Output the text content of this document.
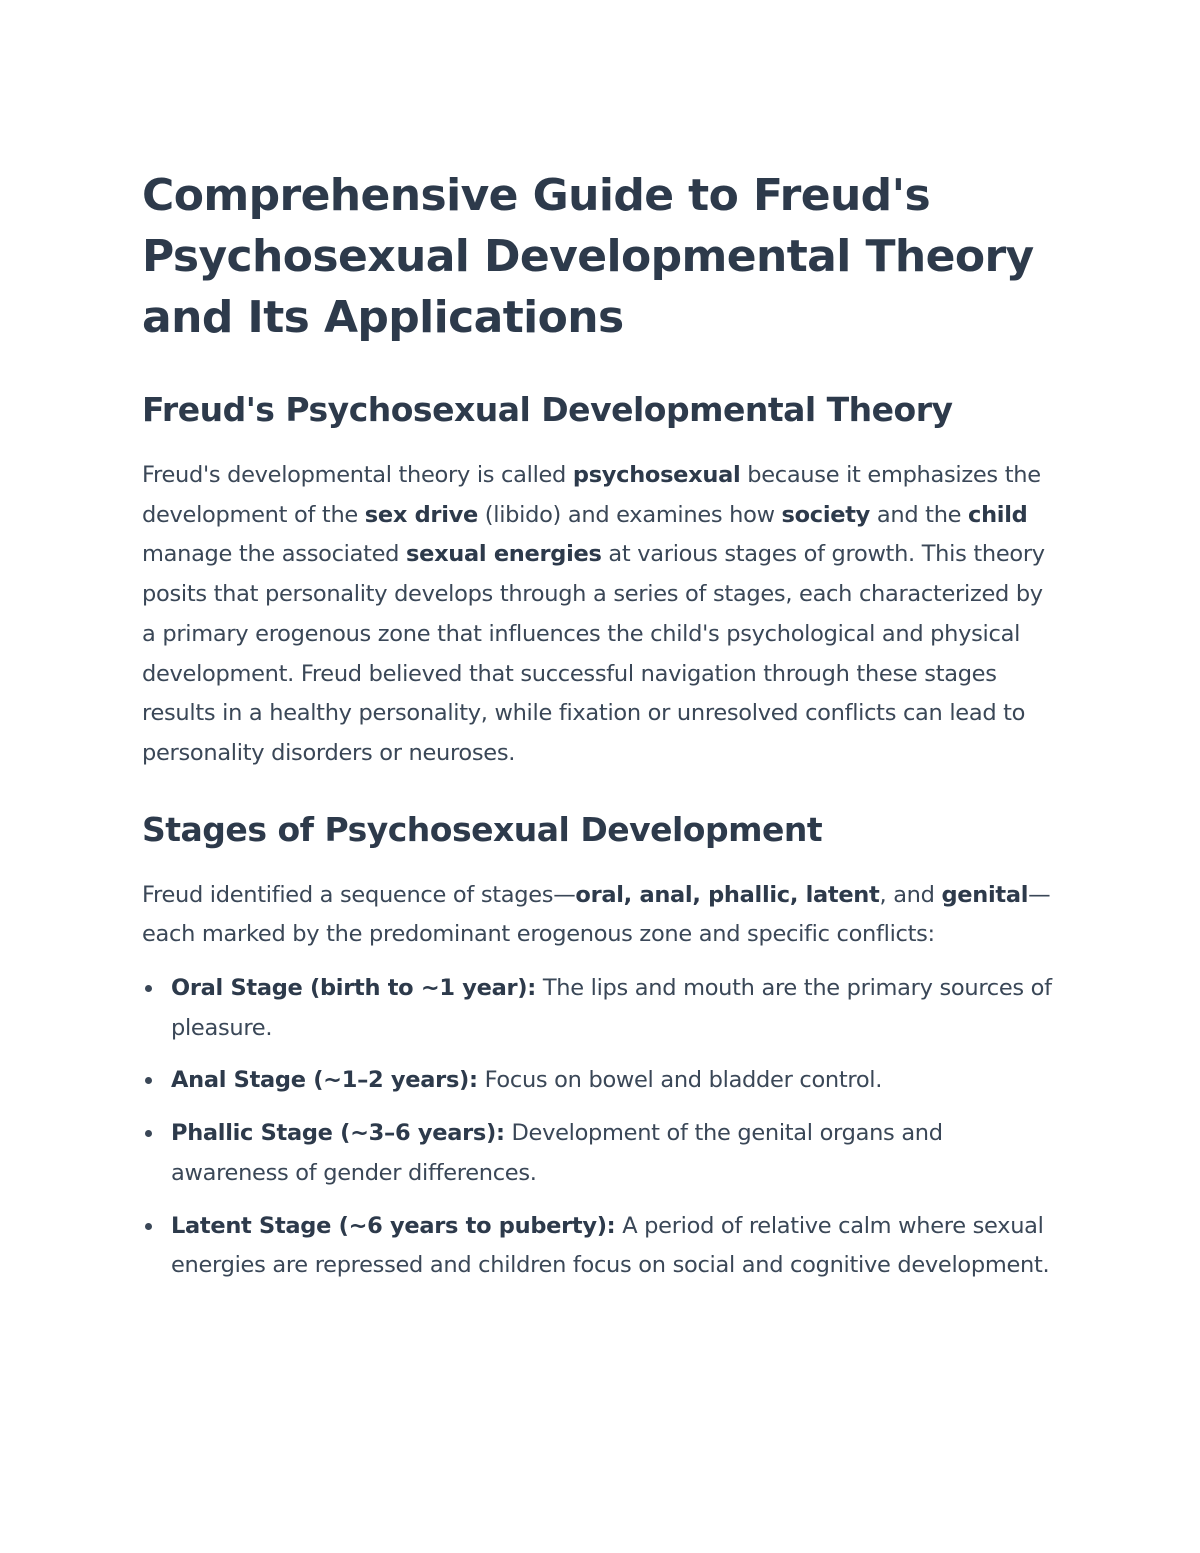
Comprehensive Guide to Freud's Psychosexual Developmental Theory and Its Applications
Freud's Psychosexual Developmental Theory

Freud's developmental theory is called psychosexual because it emphasizes the development of the sex drive (libido) and examines how society and the child manage the associated sexual energies at various stages of growth. This theory posits that personality develops through a series of stages, each characterized by a primary erogenous zone that influences the child's psychological and physical development. Freud believed that successful navigation through these stages results in a healthy personality, while fixation or unresolved conflicts can lead to personality disorders or neuroses.

Stages of Psychosexual Development

Freud identified a sequence of stages—oral, anal, phallic, latent, and genital—each marked by the predominant erogenous zone and specific conflicts:

Oral Stage (birth to ~1 year): The lips and mouth are the primary sources of pleasure.
Anal Stage (~1–2 years): Focus on bowel and bladder control.
Phallic Stage (~3–6 years): Development of the genital organs and awareness of gender differences.
Latent Stage (~6 years to puberty): A period of relative calm where sexual energies are repressed and children focus on social and cognitive development.
